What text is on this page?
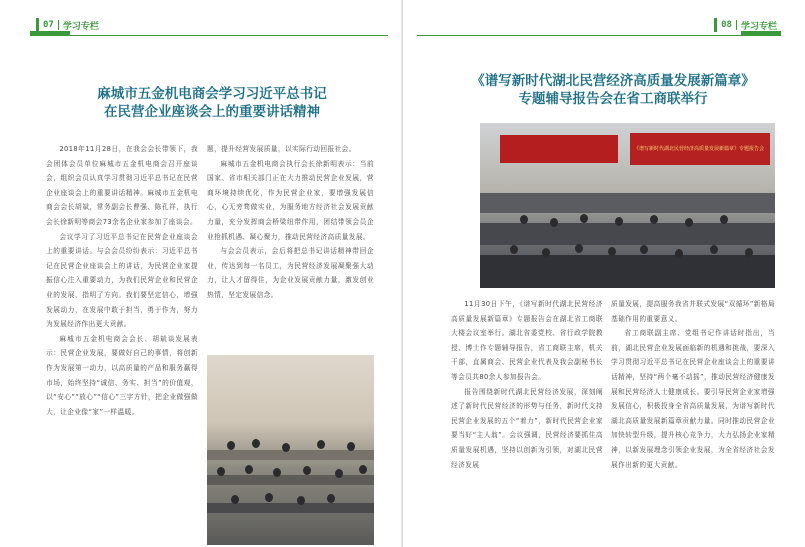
07 学习专栏
麻城市五金机电商会学习习近平总书记
在民营企业座谈会上的重要讲话精神

2018年11月28日，在我会会长带领下，我会团体会员单位麻城市五金机电商会召开座谈会，组织会员认真学习贯彻习近平总书记在民营企业座谈会上的重要讲话精神。麻城市五金机电商会会长胡斌，常务副会长曹强、陈孔祥，执行会长徐新明等商会73余名企业家参加了座谈会。

会议学习了习近平总书记在民营企业座谈会上的重要讲话。与会会员纷纷表示：习近平总书记在民营企业座谈会上的讲话，为民营企业家提振信心注入重要动力，为我们民营企业和民营企业的发展，指明了方向。我们要坚定信心，增强发展动力，在发展中敢于担当，勇于作为，努力为发展经济作出更大贡献。

麻城市五金机电商会会长、胡斌谈发展表示：民营企业发展，要做好自己的事情，将创新作为发展第一动力，以高质量的产品和服务赢得市场，始终坚持“诚信、务实、担当”的价值观，以“安心”“放心”“信心”三字方针，把企业做强做大，让企业像“家”一样温暖。

题，提升经营发展质量，以实际行动回报社会。

麻城市五金机电商会执行会长徐新明表示：当前国家、省市相关部门正在大力推动民营企业发展，营商环境持续优化，作为民营企业家，要增强发展信心，心无旁骛做实业，为服务地方经济社会发展贡献力量，充分发挥商会桥梁纽带作用，团结带领会员企业抢抓机遇、凝心聚力，推动民营经济高质量发展。

与会会员表示，会后将把总书记讲话精神带回企业，传达到每一名员工，为民营经济发展凝聚强大动力，让人才留得住，为企业发展贡献力量，激发创业热情，坚定发展信念。

08 学习专栏
《谱写新时代湖北民营经济高质量发展新篇章》
专题辅导报告会在省工商联举行
《谱写新时代湖北民营经济高质量发展新篇章》专题报告会

11月30日下午，《谱写新时代湖北民营经济高质量发展新篇章》专题报告会在湖北省工商联大楼会议室举行。湖北省委党校、省行政学院教授、博士作专题辅导报告，省工商联主席，机关干部，直属商会、民营企业代表及我会副秘书长等会员共80余人参加报告会。

报告围绕新时代湖北民营经济发展，深刻阐述了新时代民营经济的形势与任务，新时代支持民营企业发展的五个“着力”，新时代民营企业家要当好“主人翁”。会议强调，民营经济要抓住高质量发展机遇，坚持以创新为引领，对湖北民营经济发展

质量发展，提高服务我省并联式发展“双循环”新格局基础作用的重要意义。

省工商联副主席、党组书记作讲话时指出，当前，湖北民营企业发展面临新的机遇和挑战，要深入学习贯彻习近平总书记在民营企业座谈会上的重要讲话精神，坚持“两个毫不动摇”，推动民营经济健康发展和民营经济人士健康成长。要引导民营企业家增强发展信心，积极投身全省高质量发展，为谱写新时代湖北高质量发展新篇章贡献力量。同时推动民营企业加快转型升级，提升核心竞争力，大力弘扬企业家精神，以新发展理念引领企业发展，为全省经济社会发展作出新的更大贡献。
